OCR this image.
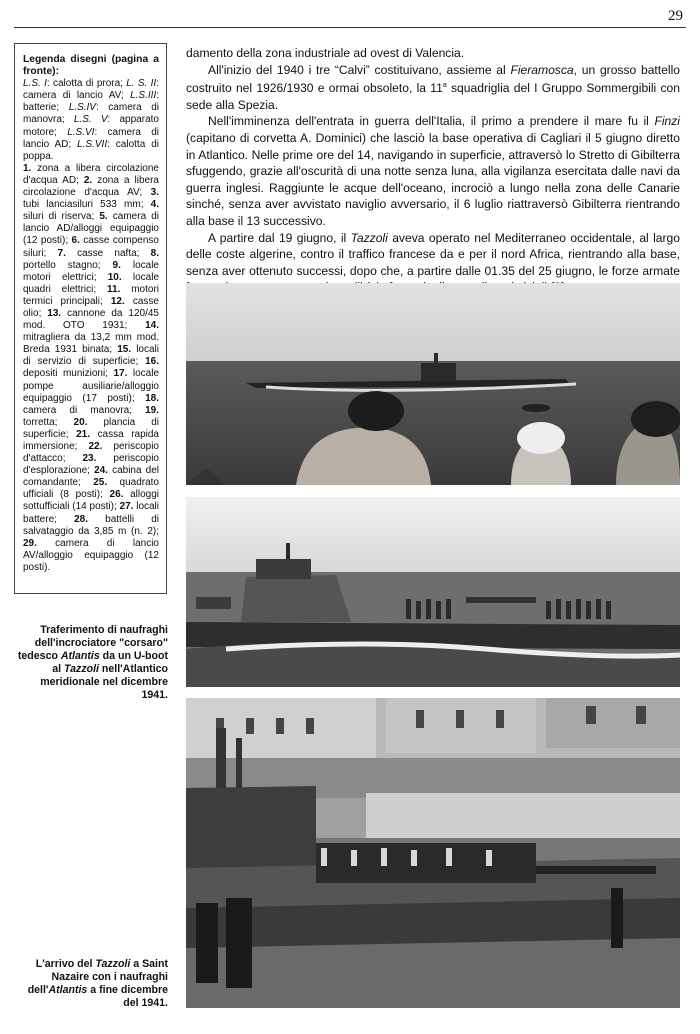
29

Legenda disegni (pagina a fronte):

L.S. I: calotta di prora; L. S. II: camera di lancio AV; L.S.III: batterie; L.S.IV: camera di manovra; L.S. V: apparato motore; L.S.VI: camera di lancio AD; L.S.VII: calotta di poppa.

1. zona a libera circolazione d'acqua AD; 2. zona a libera circolazione d'acqua AV; 3. tubi lanciasiluri 533 mm; 4. siluri di riserva; 5. camera di lancio AD/alloggi equipaggio (12 posti); 6. casse compenso siluri; 7. casse nafta; 8. portello stagno; 9. locale motori elettrici; 10. locale quadri elettrici; 11. motori termici principali; 12. casse olio; 13. cannone da 120/45 mod. OTO 1931; 14. mitragliera da 13,2 mm mod. Breda 1931 binata; 15. locali di servizio di superficie; 16. depositi munizioni; 17. locale pompe ausiliarie/alloggio equipaggio (17 posti); 18. camera di manovra; 19. torretta; 20. plancia di superficie; 21. cassa rapida immersione; 22. periscopio d'attacco; 23. periscopio d'esplorazione; 24. cabina del comandante; 25. quadrato ufficiali (8 posti); 26. alloggi sottufficiali (14 posti); 27. locali battere; 28. battelli di salvataggio da 3,85 m (n. 2); 29. camera di lancio AV/alloggio equipaggio (12 posti).

damento della zona industriale ad ovest di Valencia.

All'inizio del 1940 i tre “Calvi” costituivano, assieme al Fieramosca, un grosso battello costruito nel 1926/1930 e ormai obsoleto, la 11$^a$ squadriglia del I Gruppo Sommergibili con sede alla Spezia.

Nell'imminenza dell'entrata in guerra dell'Italia, il primo a prendere il mare fu il Finzi (capitano di corvetta A. Dominici) che lasciò la base operativa di Cagliari il 5 giugno diretto in Atlantico. Nelle prime ore del 14, navigando in superficie, attraversò lo Stretto di Gibilterra sfuggendo, grazie all'oscurità di una notte senza luna, alla vigilanza esercitata dalle navi da guerra inglesi. Raggiunte le acque dell'oceano, incrociò a lungo nella zona delle Canarie sinché, senza aver avvistato naviglio avversario, il 6 luglio riattraversò Gibilterra rientrando alla base il 13 successivo.

A partire dal 19 giugno, il Tazzoli aveva operato nel Mediterraneo occidentale, al largo delle coste algerine, contro il traffico francese da e per il nord Africa, rientrando alla base, senza aver ottenuto successi, dopo che, a partire dalle 01.35 del 25 giugno, le forze armate

Traferimento di naufraghi dell'incrociatore "corsaro" tedesco Atlantis da un U-boot al Tazzoli nell'Atlantico meridionale nel dicembre 1941.
L'arrivo del Tazzoli a Saint Nazaire con i naufraghi dell'Atlantis a fine dicembre del 1941.
